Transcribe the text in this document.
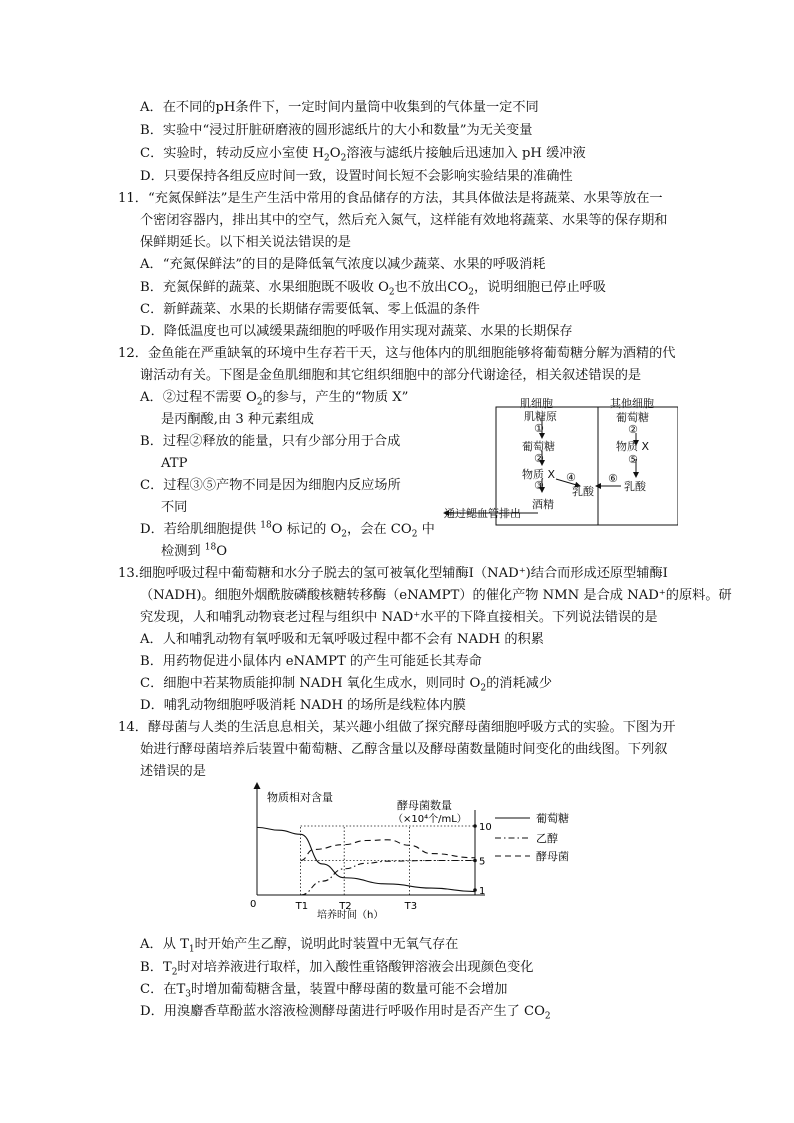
A．在不同的pH条件下，一定时间内量筒中收集到的气体量一定不同
B．实验中“浸过肝脏研磨液的圆形滤纸片的大小和数量”为无关变量
C．实验时，转动反应小室使 $H_2O_2$溶液与滤纸片接触后迅速加入 pH 缓冲液
D．只要保持各组反应时间一致，设置时间长短不会影响实验结果的准确性
11．“充氮保鲜法”是生产生活中常用的食品储存的方法，其具体做法是将蔬菜、水果等放在一
个密闭容器内，排出其中的空气，然后充入氮气，这样能有效地将蔬菜、水果等的保存期和
保鲜期延长。以下相关说法错误的是
A．“充氮保鲜法”的目的是降低氧气浓度以减少蔬菜、水果的呼吸消耗
B．充氮保鲜的蔬菜、水果细胞既不吸收 $O_2$也不放出$CO_2$，说明细胞已停止呼吸
C．新鲜蔬菜、水果的长期储存需要低氧、零上低温的条件
D．降低温度也可以减缓果蔬细胞的呼吸作用实现对蔬菜、水果的长期保存
12．金鱼能在严重缺氧的环境中生存若干天，这与他体内的肌细胞能够将葡萄糖分解为酒精的代
谢活动有关。下图是金鱼肌细胞和其它组织细胞中的部分代谢途径，相关叙述错误的是
A．②过程不需要 $O_2$的参与，产生的“物质 X”
是丙酮酸,由 3 种元素组成
B．过程②释放的能量，只有少部分用于合成
ATP
C．过程③⑤产物不同是因为细胞内反应场所
不同
D．若给肌细胞提供 $^{18}$O 标记的 $O_2$，会在 $CO_2$ 中
检测到 $^{18}$O
肌细胞	其他细胞
肌糖原
①
葡萄糖
②
物质 X
③
④
乳酸
酒精
通过鳃血管排出
葡萄糖
②
物质 X
⑤
⑥
乳酸
13.细胞呼吸过程中葡萄糖和水分子脱去的氢可被氧化型辅酶Ⅰ（NAD⁺)结合而形成还原型辅酶Ⅰ
（NADH)。细胞外烟酰胺磷酸核糖转移酶（eNAMPT）的催化产物 NMN 是合成 NAD⁺的原料。研
究发现，人和哺乳动物衰老过程与组织中 NAD⁺水平的下降直接相关。下列说法错误的是
A．人和哺乳动物有氧呼吸和无氧呼吸过程中都不会有 NADH 的积累
B．用药物促进小鼠体内 eNAMPT 的产生可能延长其寿命
C．细胞中若某物质能抑制 NADH 氧化生成水，则同时 $O_2$的消耗减少
D．哺乳动物细胞呼吸消耗 NADH 的场所是线粒体内膜
14．酵母菌与人类的生活息息相关，某兴趣小组做了探究酵母菌细胞呼吸方式的实验。下图为开
始进行酵母菌培养后装置中葡萄糖、乙醇含量以及酵母菌数量随时间变化的曲线图。下列叙
述错误的是
物质相对含量
酵母菌数量
（×10⁴个/mL）
培养时间（h）
0	T1	T2	T3
10
5
1
葡萄糖
乙醇
酵母菌
A．从 $T_1$时开始产生乙醇，说明此时装置中无氧气存在
B．$T_2$时对培养液进行取样，加入酸性重铬酸钾溶液会出现颜色变化
C．在$T_3$时增加葡萄糖含量，装置中酵母菌的数量可能不会增加
D．用溴麝香草酚蓝水溶液检测酵母菌进行呼吸作用时是否产生了 $CO_2$
